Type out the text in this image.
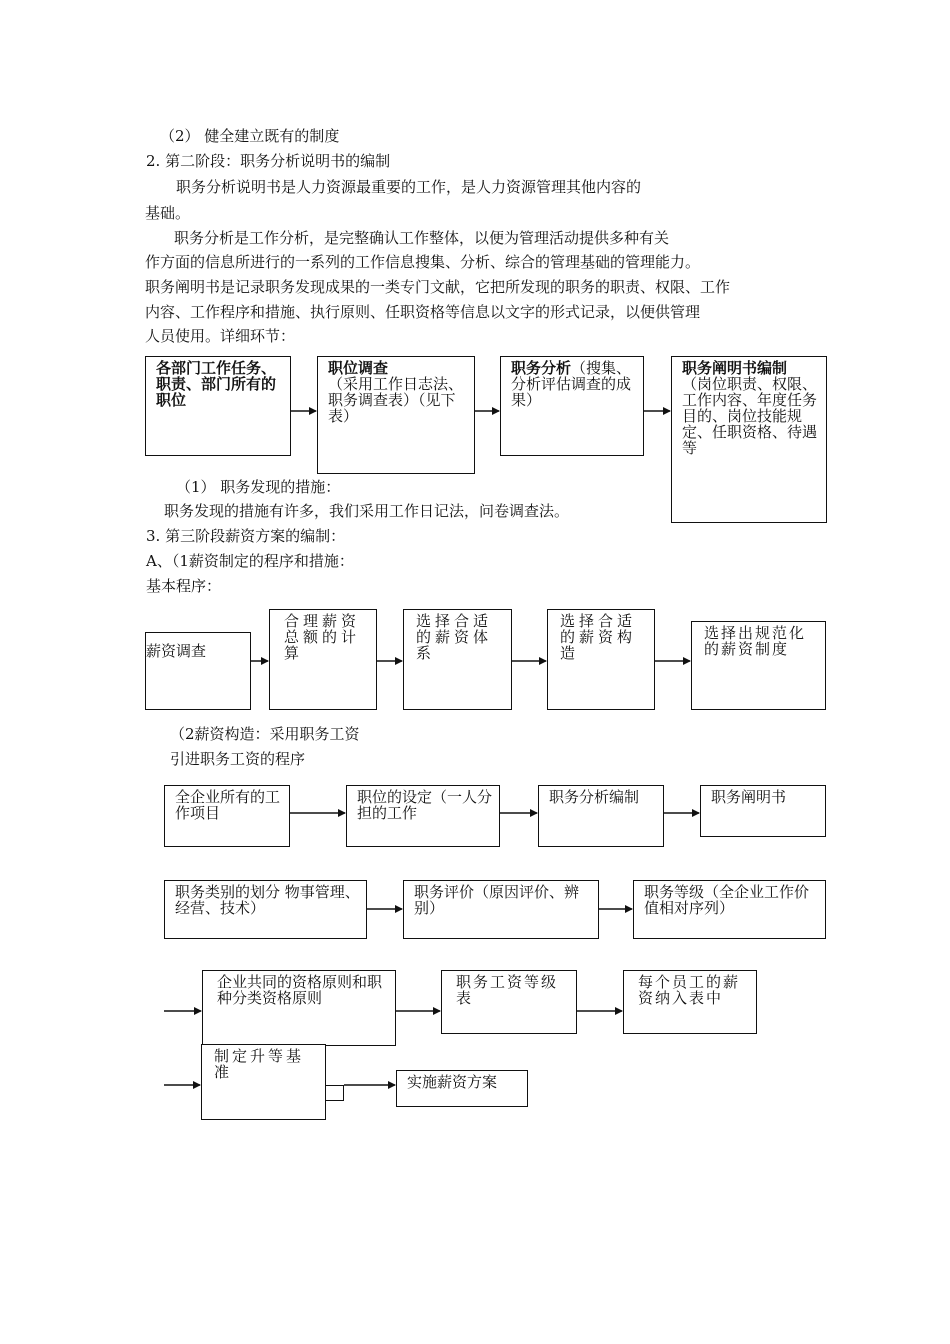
（2） 健全建立既有的制度
2. 第二阶段：职务分析说明书的编制
职务分析说明书是人力资源最重要的工作，是人力资源管理其他内容的
基础。
职务分析是工作分析，是完整确认工作整体，以便为管理活动提供多种有关
作方面的信息所进行的一系列的工作信息搜集、分析、综合的管理基础的管理能力。
职务阐明书是记录职务发现成果的一类专门文献，它把所发现的职务的职责、权限、工作
内容、工作程序和措施、执行原则、任职资格等信息以文字的形式记录，以便供管理
人员使用。详细环节：
各部门工作任务、职责、部门所有的职位
职位调查
（采用工作日志法、职务调查表）（见下表）
职务分析（搜集、分析评估调查的成果）
职务阐明书编制
（岗位职责、权限、工作内容、年度任务目的、岗位技能规定、任职资格、待遇等
（1） 职务发现的措施：
职务发现的措施有许多，我们采用工作日记法，问卷调查法。
3. 第三阶段薪资方案的编制：
A、（1薪资制定的程序和措施：
基本程序：
薪资调查
合理薪资总额的计算
选择合适的薪资体系
选择合适的薪资构造
选择出规范化的薪资制度
（2薪资构造：采用职务工资
引进职务工资的程序
全企业所有的工作项目
职位的设定（一人分担的工作
职务分析编制	职务阐明书
职务类别的划分 物事管理、经营、技术）
职务评价（原因评价、辨别）
职务等级（全企业工作价值相对序列）
企业共同的资格原则和职种分类资格原则
职务工资等级表
每个员工的薪资纳入表中
制定升等基准
实施薪资方案
